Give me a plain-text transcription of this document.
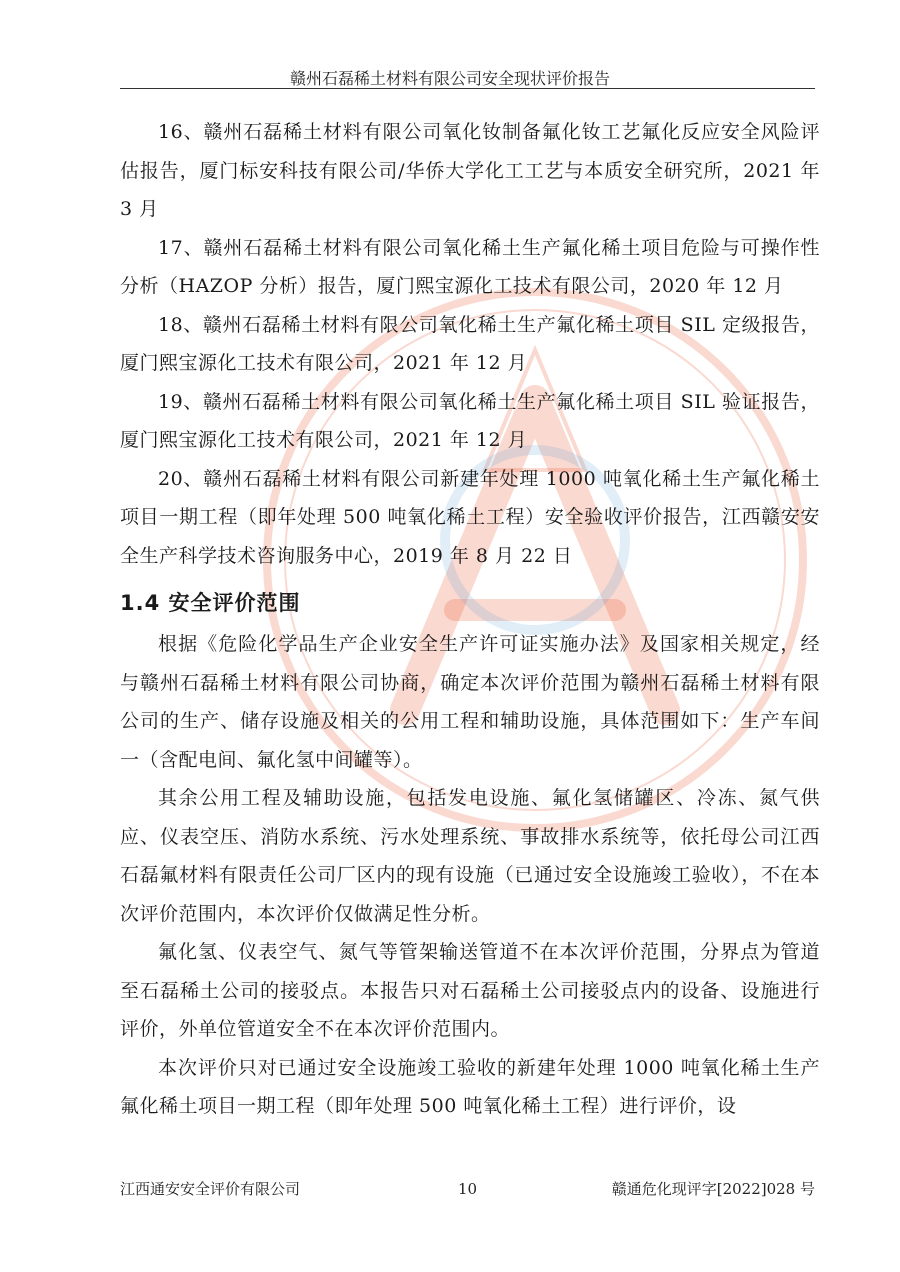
赣州石磊稀土材料有限公司安全现状评价报告

16、赣州石磊稀土材料有限公司氧化钕制备氟化钕工艺氟化反应安全风险评估报告，厦门标安科技有限公司/华侨大学化工工艺与本质安全研究所，2021 年 3 月

17、赣州石磊稀土材料有限公司氧化稀土生产氟化稀土项目危险与可操作性分析（HAZOP 分析）报告，厦门熙宝源化工技术有限公司，2020 年 12 月

18、赣州石磊稀土材料有限公司氧化稀土生产氟化稀土项目 SIL 定级报告，厦门熙宝源化工技术有限公司，2021 年 12 月

19、赣州石磊稀土材料有限公司氧化稀土生产氟化稀土项目 SIL 验证报告，厦门熙宝源化工技术有限公司，2021 年 12 月

20、赣州石磊稀土材料有限公司新建年处理 1000 吨氧化稀土生产氟化稀土项目一期工程（即年处理 500 吨氧化稀土工程）安全验收评价报告，江西赣安安全生产科学技术咨询服务中心，2019 年 8 月 22 日

1.4 安全评价范围

根据《危险化学品生产企业安全生产许可证实施办法》及国家相关规定，经与赣州石磊稀土材料有限公司协商，确定本次评价范围为赣州石磊稀土材料有限公司的生产、储存设施及相关的公用工程和辅助设施，具体范围如下：生产车间一（含配电间、氟化氢中间罐等）。

其余公用工程及辅助设施，包括发电设施、氟化氢储罐区、冷冻、氮气供应、仪表空压、消防水系统、污水处理系统、事故排水系统等，依托母公司江西石磊氟材料有限责任公司厂区内的现有设施（已通过安全设施竣工验收），不在本次评价范围内，本次评价仅做满足性分析。

氟化氢、仪表空气、氮气等管架输送管道不在本次评价范围，分界点为管道至石磊稀土公司的接驳点。本报告只对石磊稀土公司接驳点内的设备、设施进行评价，外单位管道安全不在本次评价范围内。

本次评价只对已通过安全设施竣工验收的新建年处理 1000 吨氧化稀土生产氟化稀土项目一期工程（即年处理 500 吨氧化稀土工程）进行评价，设

江西通安安全评价有限公司	10	赣通危化现评字[2022]028 号
